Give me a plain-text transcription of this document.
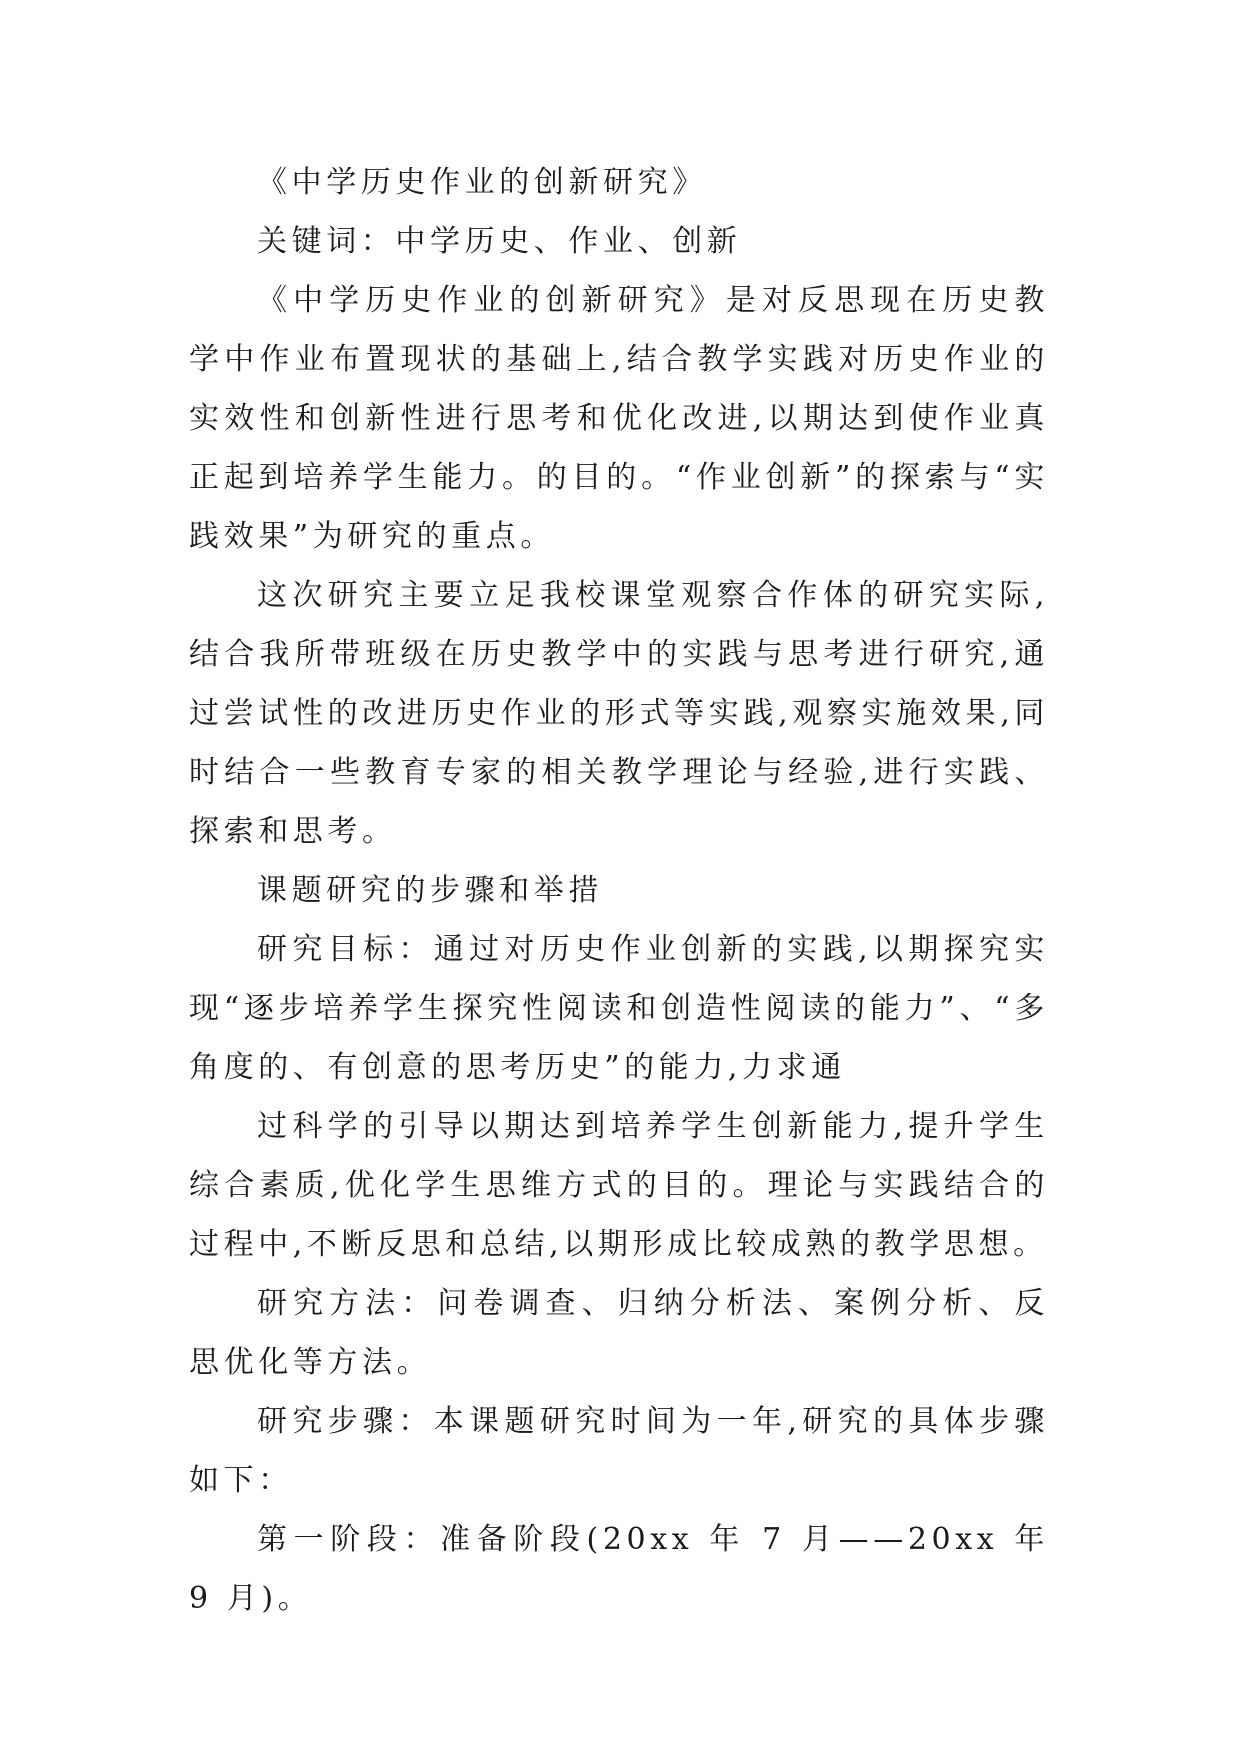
《中学历史作业的创新研究》

关键词：中学历史、作业、创新

《中学历史作业的创新研究》是对反思现在历史教学中作业布置现状的基础上,结合教学实践对历史作业的实效性和创新性进行思考和优化改进,以期达到使作业真正起到培养学生能力。的目的。“作业创新”的探索与“实践效果”为研究的重点。

这次研究主要立足我校课堂观察合作体的研究实际,结合我所带班级在历史教学中的实践与思考进行研究,通过尝试性的改进历史作业的形式等实践,观察实施效果,同时结合一些教育专家的相关教学理论与经验,进行实践、探索和思考。

课题研究的步骤和举措

研究目标：通过对历史作业创新的实践,以期探究实现“逐步培养学生探究性阅读和创造性阅读的能力”、“多角度的、有创意的思考历史”的能力,力求通

过科学的引导以期达到培养学生创新能力,提升学生综合素质,优化学生思维方式的目的。理论与实践结合的过程中,不断反思和总结,以期形成比较成熟的教学思想。

研究方法：问卷调查、归纳分析法、案例分析、反思优化等方法。

研究步骤：本课题研究时间为一年,研究的具体步骤如下：

第一阶段：准备阶段(20xx 年 7 月——20xx 年 9 月)。
